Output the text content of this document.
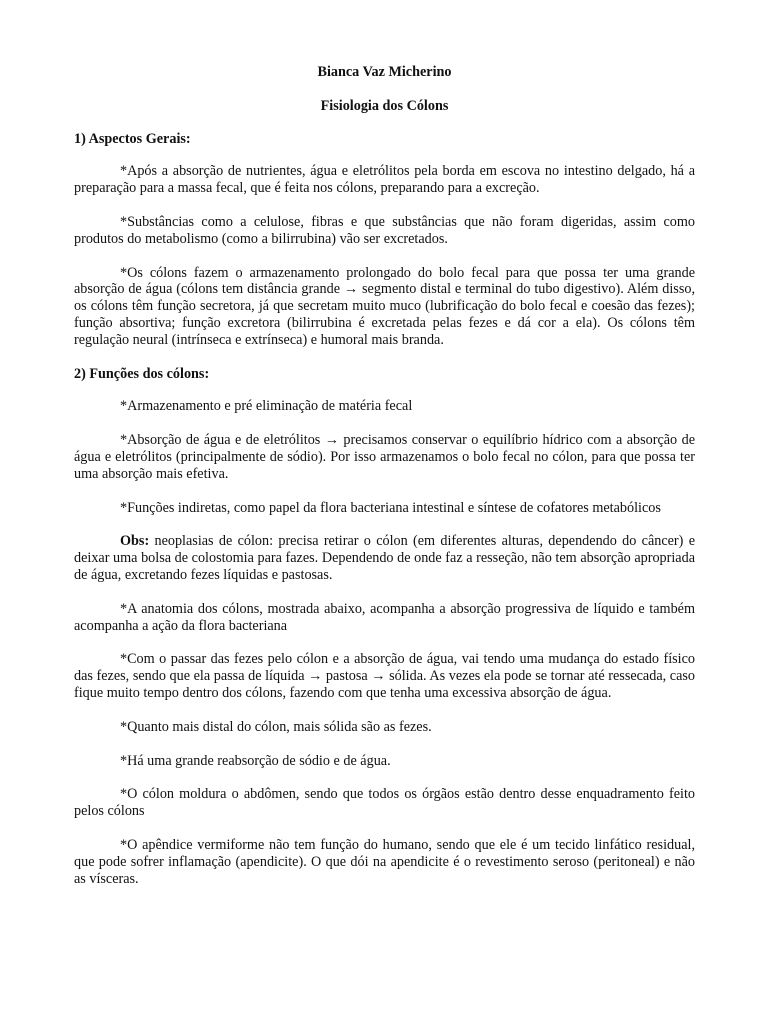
Bianca Vaz Micherino
Fisiologia dos Cólons
1) Aspectos Gerais:

*Após a absorção de nutrientes, água e eletrólitos pela borda em escova no intestino delgado, há a preparação para a massa fecal, que é feita nos cólons, preparando para a excreção.

*Substâncias como a celulose, fibras e que substâncias que não foram digeridas, assim como produtos do metabolismo (como a bilirrubina) vão ser excretados.

*Os cólons fazem o armazenamento prolongado do bolo fecal para que possa ter uma grande absorção de água (cólons tem distância grande → segmento distal e terminal do tubo digestivo). Além disso, os cólons têm função secretora, já que secretam muito muco (lubrificação do bolo fecal e coesão das fezes); função absortiva; função excretora (bilirrubina é excretada pelas fezes e dá cor a ela). Os cólons têm regulação neural (intrínseca e extrínseca) e humoral mais branda.

2) Funções dos cólons:

*Armazenamento e pré eliminação de matéria fecal

*Absorção de água e de eletrólitos → precisamos conservar o equilíbrio hídrico com a absorção de água e eletrólitos (principalmente de sódio). Por isso armazenamos o bolo fecal no cólon, para que possa ter uma absorção mais efetiva.

*Funções indiretas, como papel da flora bacteriana intestinal e síntese de cofatores metabólicos

Obs: neoplasias de cólon: precisa retirar o cólon (em diferentes alturas, dependendo do câncer) e deixar uma bolsa de colostomia para fazes. Dependendo de onde faz a resseção, não tem absorção apropriada de água, excretando fezes líquidas e pastosas.

*A anatomia dos cólons, mostrada abaixo, acompanha a absorção progressiva de líquido e também acompanha a ação da flora bacteriana

*Com o passar das fezes pelo cólon e a absorção de água, vai tendo uma mudança do estado físico das fezes, sendo que ela passa de líquida → pastosa → sólida. As vezes ela pode se tornar até ressecada, caso fique muito tempo dentro dos cólons, fazendo com que tenha uma excessiva absorção de água.

*Quanto mais distal do cólon, mais sólida são as fezes.

*Há uma grande reabsorção de sódio e de água.

*O cólon moldura o abdômen, sendo que todos os órgãos estão dentro desse enquadramento feito pelos cólons

*O apêndice vermiforme não tem função do humano, sendo que ele é um tecido linfático residual, que pode sofrer inflamação (apendicite). O que dói na apendicite é o revestimento seroso (peritoneal) e não as vísceras.
